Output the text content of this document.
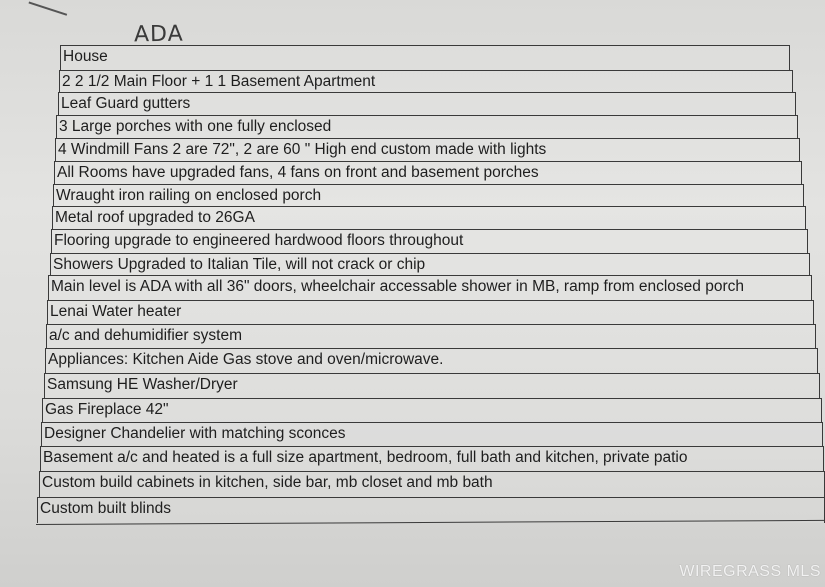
ADA
House
2 2 1/2 Main Floor + 1 1 Basement Apartment
Leaf Guard gutters
3 Large porches with one fully enclosed
4 Windmill Fans 2 are 72", 2 are 60 " High end custom made with lights
All Rooms have upgraded fans, 4 fans on front and basement porches
Wraught iron railing on enclosed porch
Metal roof upgraded to 26GA
Flooring upgrade to engineered hardwood floors throughout
Showers Upgraded to Italian Tile, will not crack or chip
Main level is ADA with all 36" doors, wheelchair accessable shower in MB, ramp from enclosed porch
Lenai Water heater
a/c and dehumidifier system
Appliances: Kitchen Aide Gas stove and oven/microwave.
Samsung HE Washer/Dryer
Gas Fireplace 42"
Designer Chandelier with matching sconces
Basement a/c and heated is a full size apartment, bedroom, full bath and kitchen, private patio
Custom build cabinets in kitchen, side bar, mb closet and mb bath
Custom built blinds
WIREGRASS MLS
